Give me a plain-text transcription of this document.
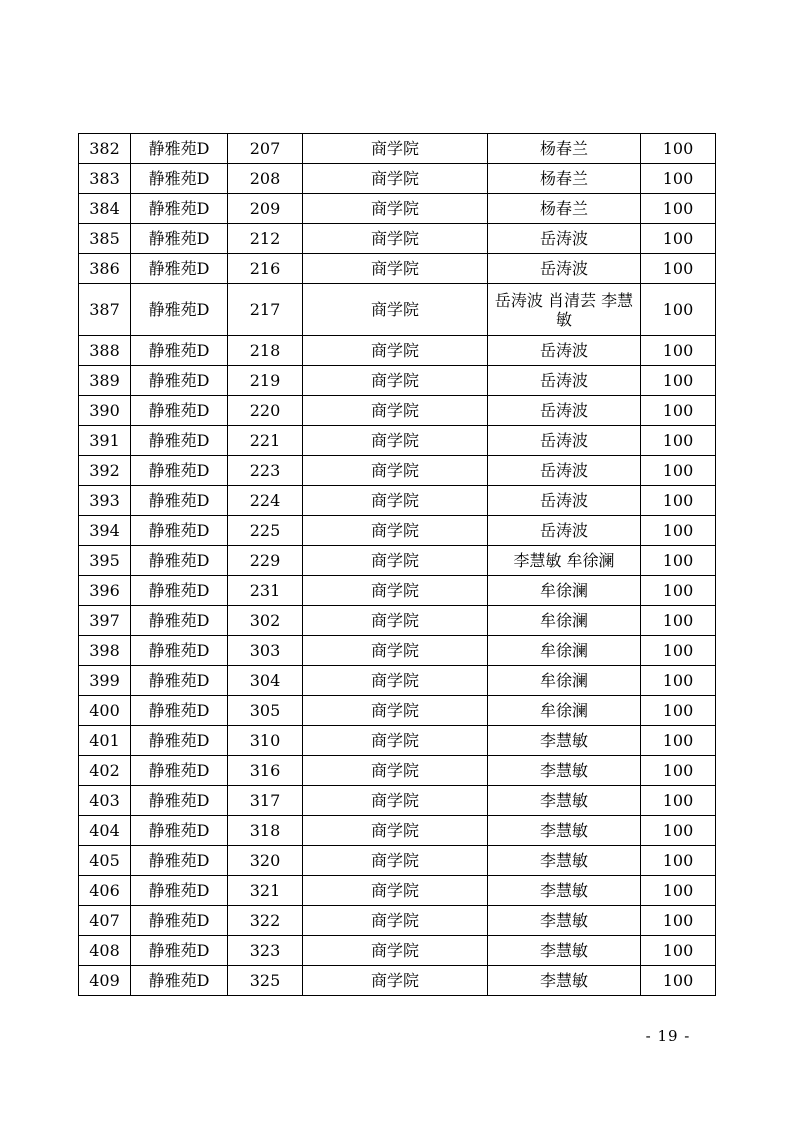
382	静雅苑D	207	商学院	杨春兰	100
383	静雅苑D	208	商学院	杨春兰	100
384	静雅苑D	209	商学院	杨春兰	100
385	静雅苑D	212	商学院	岳涛波	100
386	静雅苑D	216	商学院	岳涛波	100
387	静雅苑D	217	商学院	岳涛波 肖清芸 李慧敏	100
388	静雅苑D	218	商学院	岳涛波	100
389	静雅苑D	219	商学院	岳涛波	100
390	静雅苑D	220	商学院	岳涛波	100
391	静雅苑D	221	商学院	岳涛波	100
392	静雅苑D	223	商学院	岳涛波	100
393	静雅苑D	224	商学院	岳涛波	100
394	静雅苑D	225	商学院	岳涛波	100
395	静雅苑D	229	商学院	李慧敏 牟徐澜	100
396	静雅苑D	231	商学院	牟徐澜	100
397	静雅苑D	302	商学院	牟徐澜	100
398	静雅苑D	303	商学院	牟徐澜	100
399	静雅苑D	304	商学院	牟徐澜	100
400	静雅苑D	305	商学院	牟徐澜	100
401	静雅苑D	310	商学院	李慧敏	100
402	静雅苑D	316	商学院	李慧敏	100
403	静雅苑D	317	商学院	李慧敏	100
404	静雅苑D	318	商学院	李慧敏	100
405	静雅苑D	320	商学院	李慧敏	100
406	静雅苑D	321	商学院	李慧敏	100
407	静雅苑D	322	商学院	李慧敏	100
408	静雅苑D	323	商学院	李慧敏	100
409	静雅苑D	325	商学院	李慧敏	100
- 19 -
